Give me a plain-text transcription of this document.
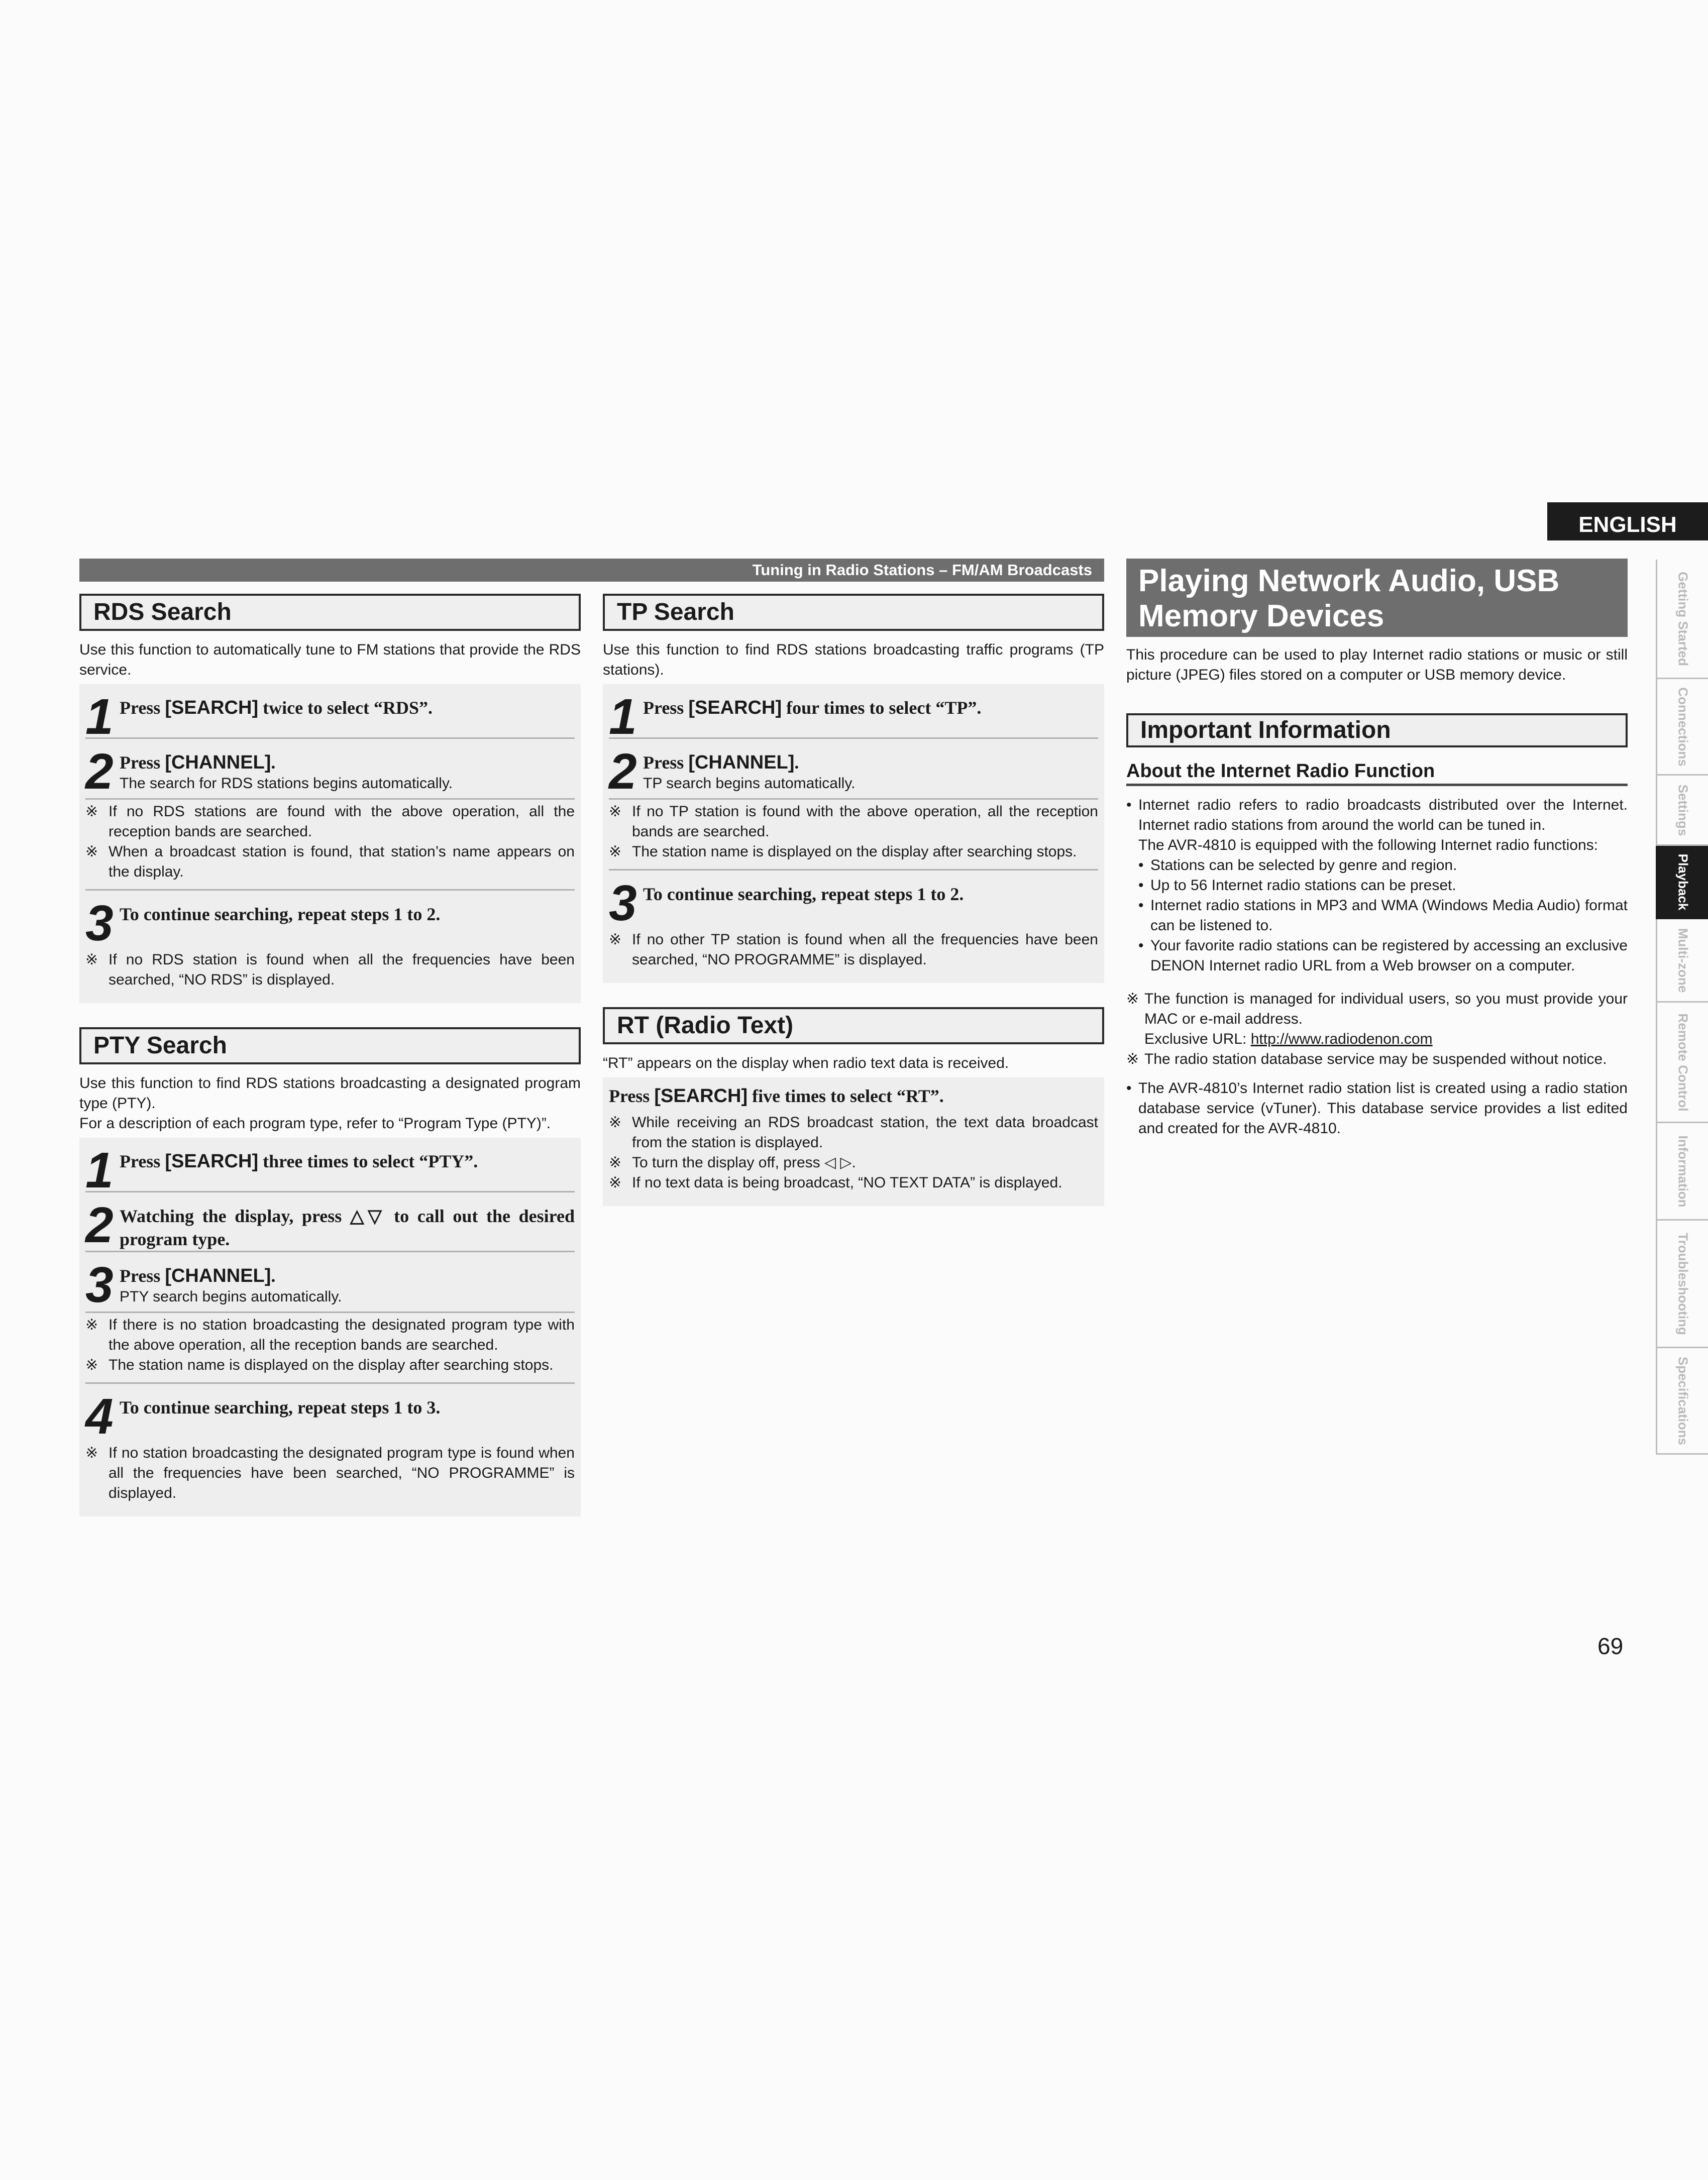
ENGLISH
Tuning in Radio Stations – FM/AM Broadcasts
RDS Search
Use this function to automatically tune to FM stations that provide the RDS service.
1 Press [SEARCH] twice to select “RDS”.
2 Press [CHANNEL].
The search for RDS stations begins automatically.
※ If no RDS stations are found with the above operation, all the reception bands are searched.
※ When a broadcast station is found, that station’s name appears on the display.
3 To continue searching, repeat steps 1 to 2.
※ If no RDS station is found when all the frequencies have been searched, “NO RDS” is displayed.
PTY Search
Use this function to find RDS stations broadcasting a designated program type (PTY).
For a description of each program type, refer to “Program Type (PTY)”.
1 Press [SEARCH] three times to select “PTY”.
2 Watching the display, press △▽ to call out the desired program type.
3 Press [CHANNEL].
PTY search begins automatically.
※ If there is no station broadcasting the designated program type with the above operation, all the reception bands are searched.
※ The station name is displayed on the display after searching stops.
4 To continue searching, repeat steps 1 to 3.
※ If no station broadcasting the designated program type is found when all the frequencies have been searched, “NO PROGRAMME” is displayed.
TP Search
Use this function to find RDS stations broadcasting traffic programs (TP stations).
1 Press [SEARCH] four times to select “TP”.
2 Press [CHANNEL].
TP search begins automatically.
※ If no TP station is found with the above operation, all the reception bands are searched.
※ The station name is displayed on the display after searching stops.
3 To continue searching, repeat steps 1 to 2.
※ If no other TP station is found when all the frequencies have been searched, “NO PROGRAMME” is displayed.
RT (Radio Text)
“RT” appears on the display when radio text data is received.
Press [SEARCH] five times to select “RT”.
※ While receiving an RDS broadcast station, the text data broadcast from the station is displayed.
※ To turn the display off, press ◁ ▷.
※ If no text data is being broadcast, “NO TEXT DATA” is displayed.
Playing Network Audio, USB Memory Devices
This procedure can be used to play Internet radio stations or music or still picture (JPEG) files stored on a computer or USB memory device.
Important Information
About the Internet Radio Function
• Internet radio refers to radio broadcasts distributed over the Internet. Internet radio stations from around the world can be tuned in.
The AVR-4810 is equipped with the following Internet radio functions:
• Stations can be selected by genre and region.
• Up to 56 Internet radio stations can be preset.
• Internet radio stations in MP3 and WMA (Windows Media Audio) format can be listened to.
• Your favorite radio stations can be registered by accessing an exclusive DENON Internet radio URL from a Web browser on a computer.
※ The function is managed for individual users, so you must provide your MAC or e-mail address.
Exclusive URL: http://www.radiodenon.com
※ The radio station database service may be suspended without notice.
• The AVR-4810’s Internet radio station list is created using a radio station database service (vTuner). This database service provides a list edited and created for the AVR-4810.
Getting Started
Connections
Settings
Playback
Multi-zone
Remote Control
Information
Troubleshooting
Specifications
69
